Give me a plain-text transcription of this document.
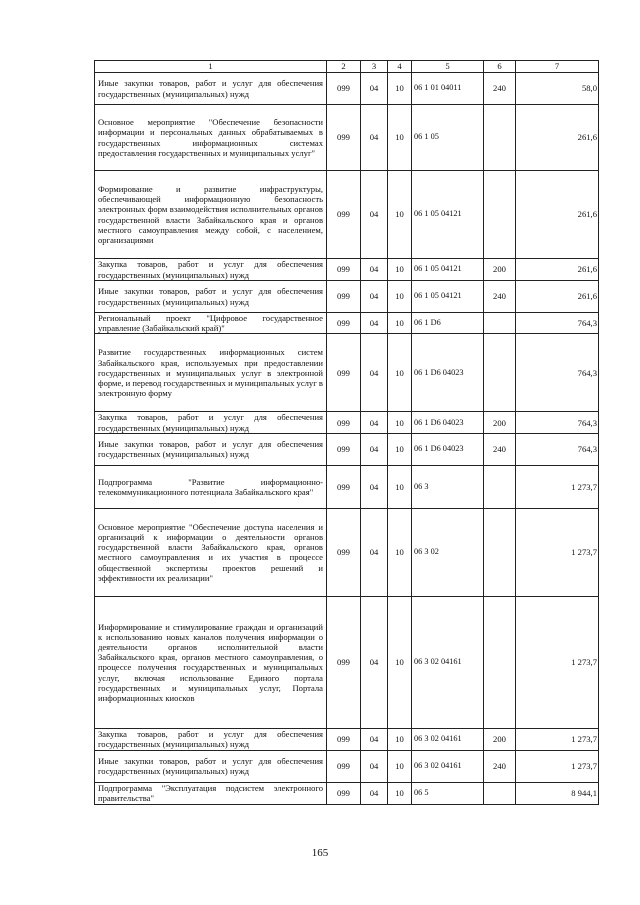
1	2	3	4	5	6	7
Иные закупки товаров, работ и услуг для обеспечения государственных (муниципальных) нужд	099	04	10	06 1 01 04011	240	58,0
Основное мероприятие "Обеспечение безопасности информации и персональных данных обрабатываемых в государственных информационных системах предоставления государственных и муниципальных услуг"	099	04	10	06 1 05		261,6
Формирование и развитие инфраструктуры, обеспечивающей информационную безопасность электронных форм взаимодействия исполнительных органов государственной власти Забайкальского края и органов местного самоуправления между собой, с населением, организациями	099	04	10	06 1 05 04121		261,6
Закупка товаров, работ и услуг для обеспечения государственных (муниципальных) нужд	099	04	10	06 1 05 04121	200	261,6
Иные закупки товаров, работ и услуг для обеспечения государственных (муниципальных) нужд	099	04	10	06 1 05 04121	240	261,6
Региональный проект "Цифровое государственное управление (Забайкальский край)"	099	04	10	06 1 D6		764,3
Развитие государственных информационных систем Забайкальского края, используемых при предоставлении государственных и муниципальных услуг в электронной форме, и перевод государственных и муниципальных услуг в электронную форму	099	04	10	06 1 D6 04023		764,3
Закупка товаров, работ и услуг для обеспечения государственных (муниципальных) нужд	099	04	10	06 1 D6 04023	200	764,3
Иные закупки товаров, работ и услуг для обеспечения государственных (муниципальных) нужд	099	04	10	06 1 D6 04023	240	764,3
Подпрограмма "Развитие информационно-телекоммуникационного потенциала Забайкальского края"	099	04	10	06 3		1 273,7
Основное мероприятие "Обеспечение доступа населения и организаций к информации о деятельности органов государственной власти Забайкальского края, органов местного самоуправления и их участия в процессе общественной экспертизы проектов решений и эффективности их реализации"	099	04	10	06 3 02		1 273,7
Информирование и стимулирование граждан и организаций к использованию новых каналов получения информации о деятельности органов исполнительной власти Забайкальского края, органов местного самоуправления, о процессе получения государственных и муниципальных услуг, включая использование Единого портала государственных и муниципальных услуг, Портала информационных киосков	099	04	10	06 3 02 04161		1 273,7
Закупка товаров, работ и услуг для обеспечения государственных (муниципальных) нужд	099	04	10	06 3 02 04161	200	1 273,7
Иные закупки товаров, работ и услуг для обеспечения государственных (муниципальных) нужд	099	04	10	06 3 02 04161	240	1 273,7
Подпрограмма "Эксплуатация подсистем электронного правительства"	099	04	10	06 5		8 944,1
165
